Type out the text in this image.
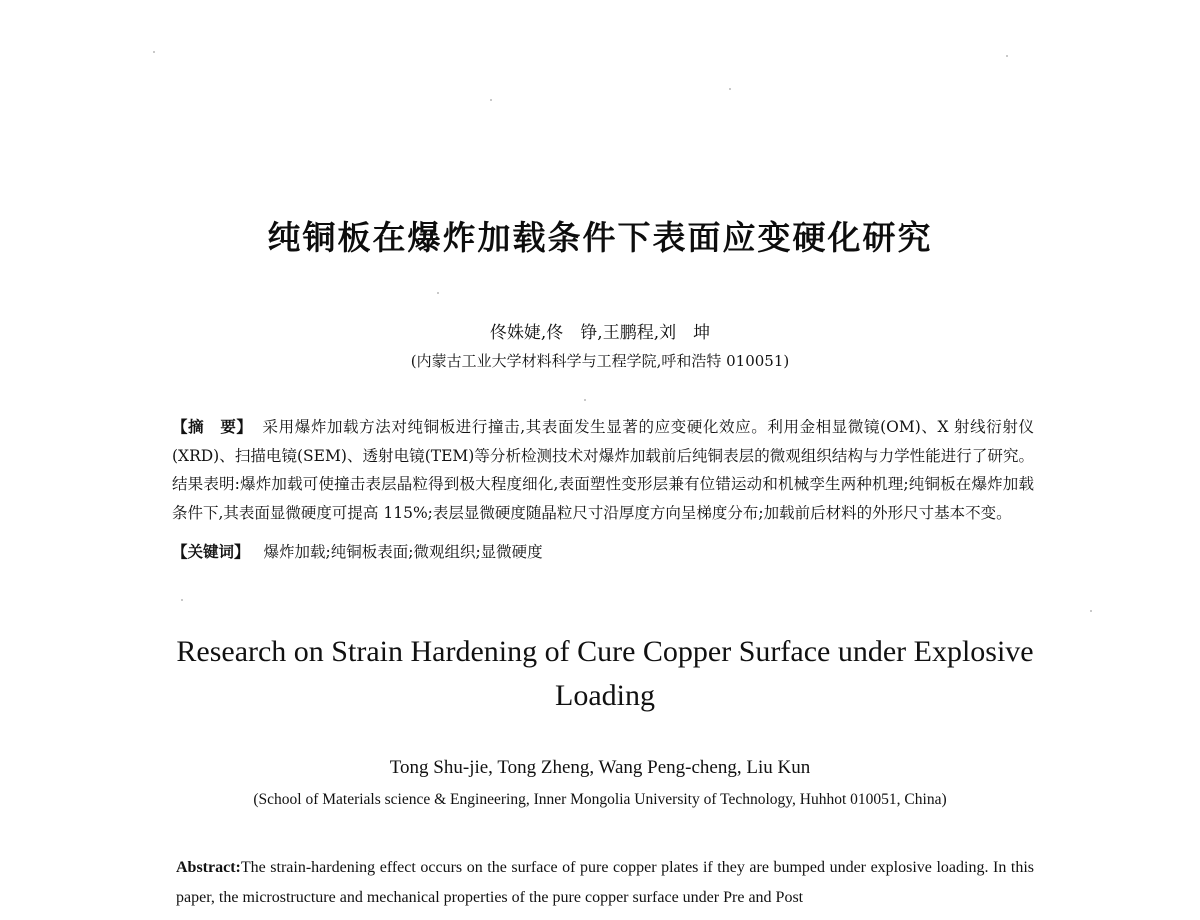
纯铜板在爆炸加载条件下表面应变硬化研究
佟姝婕,佟　铮,王鹏程,刘　坤
(内蒙古工业大学材料科学与工程学院,呼和浩特 010051)
【摘　要】 采用爆炸加载方法对纯铜板进行撞击,其表面发生显著的应变硬化效应。利用金相显微镜(OM)、X 射线衍射仪(XRD)、扫描电镜(SEM)、透射电镜(TEM)等分析检测技术对爆炸加载前后纯铜表层的微观组织结构与力学性能进行了研究。结果表明:爆炸加载可使撞击表层晶粒得到极大程度细化,表面塑性变形层兼有位错运动和机械孪生两种机理;纯铜板在爆炸加载条件下,其表面显微硬度可提高 115%;表层显微硬度随晶粒尺寸沿厚度方向呈梯度分布;加载前后材料的外形尺寸基本不变。
【关键词】 爆炸加载;纯铜板表面;微观组织;显微硬度
Research on Strain Hardening of Cure Copper Surface under Explosive Loading
Tong Shu-jie, Tong Zheng, Wang Peng-cheng, Liu Kun
(School of Materials science & Engineering, Inner Mongolia University of Technology, Huhhot 010051, China)
Abstract:The strain-hardening effect occurs on the surface of pure copper plates if they are bumped under explosive loading. In this paper, the microstructure and mechanical properties of the pure copper surface under Pre and Post
